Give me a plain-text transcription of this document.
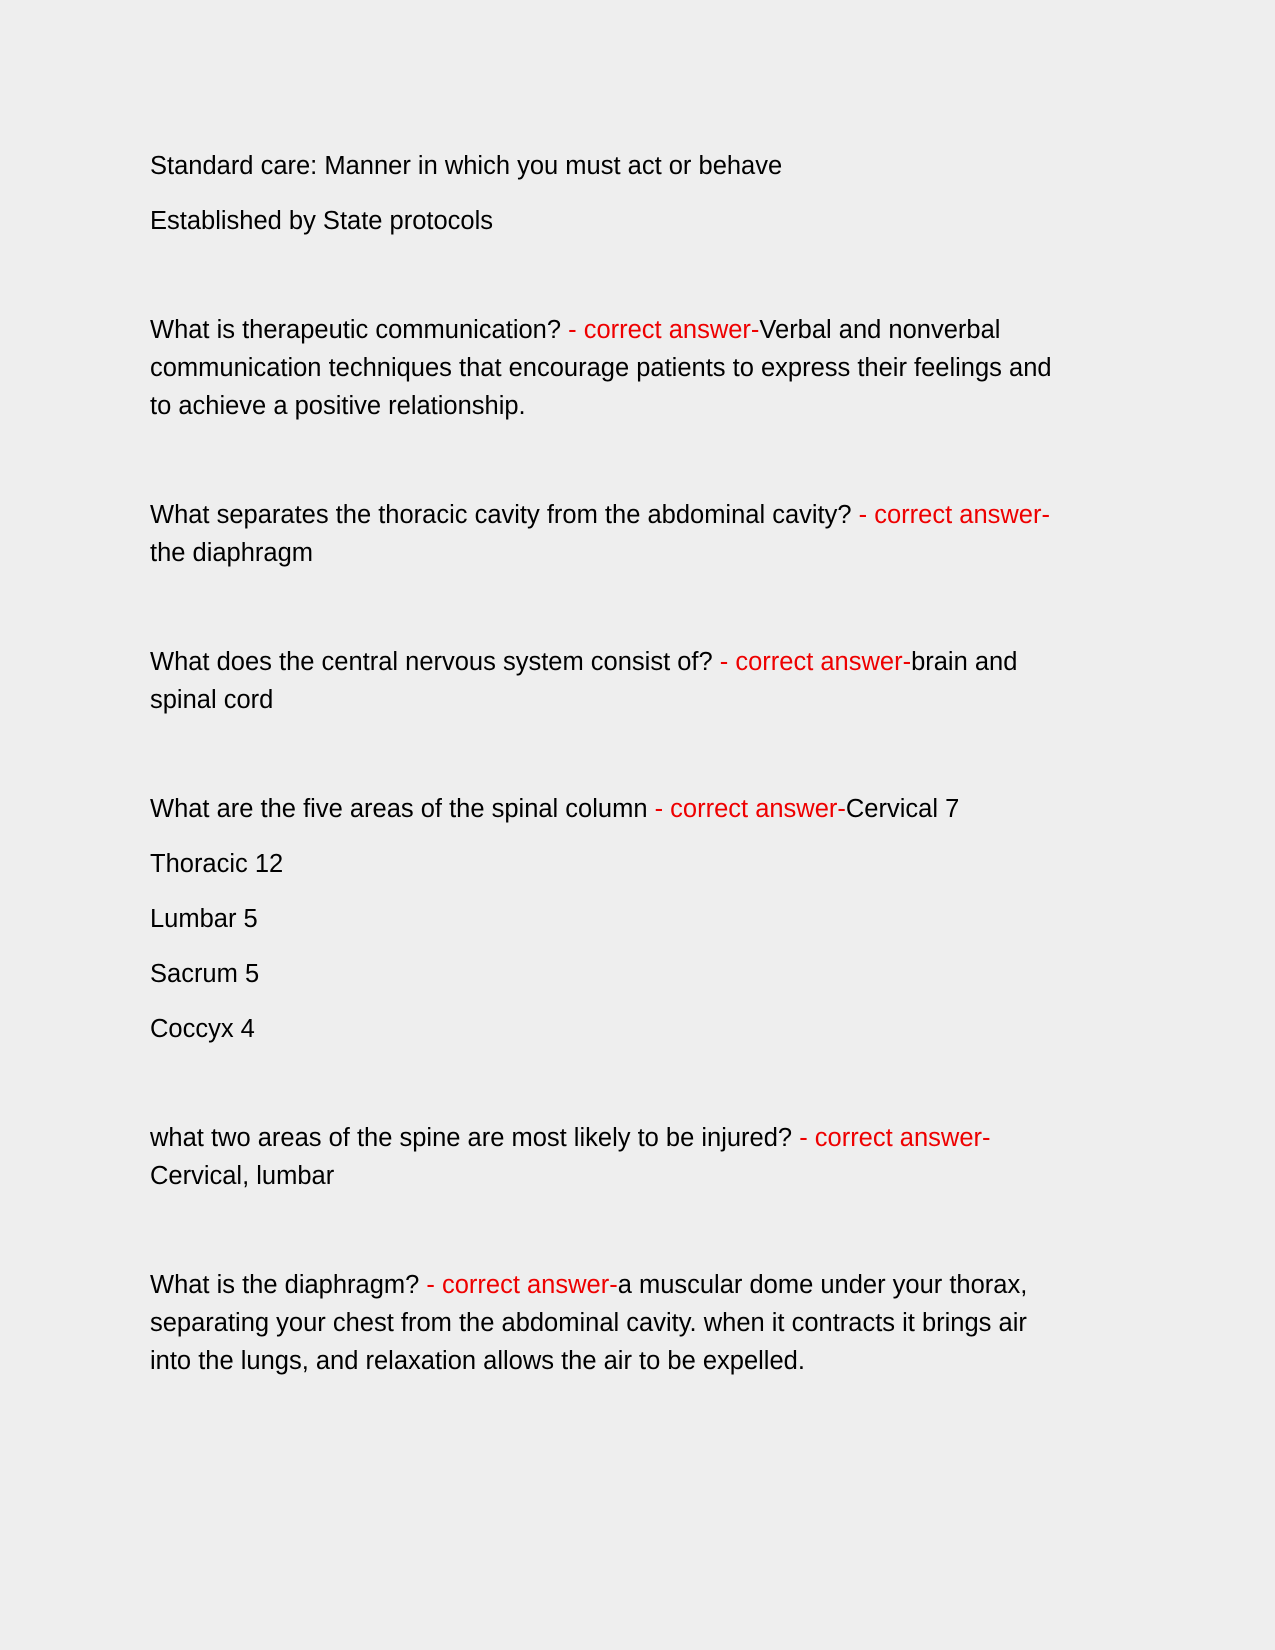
Standard care: Manner in which you must act or behave

Established by State protocols

What is therapeutic communication? - correct answer-Verbal and nonverbal

communication techniques that encourage patients to express their feelings and

to achieve a positive relationship.

What separates the thoracic cavity from the abdominal cavity? - correct answer-

the diaphragm

What does the central nervous system consist of? - correct answer-brain and

spinal cord

What are the five areas of the spinal column - correct answer-Cervical 7

Thoracic 12

Lumbar 5

Sacrum 5

Coccyx 4

what two areas of the spine are most likely to be injured? - correct answer-

Cervical, lumbar

What is the diaphragm? - correct answer-a muscular dome under your thorax,

separating your chest from the abdominal cavity. when it contracts it brings air

into the lungs, and relaxation allows the air to be expelled.
